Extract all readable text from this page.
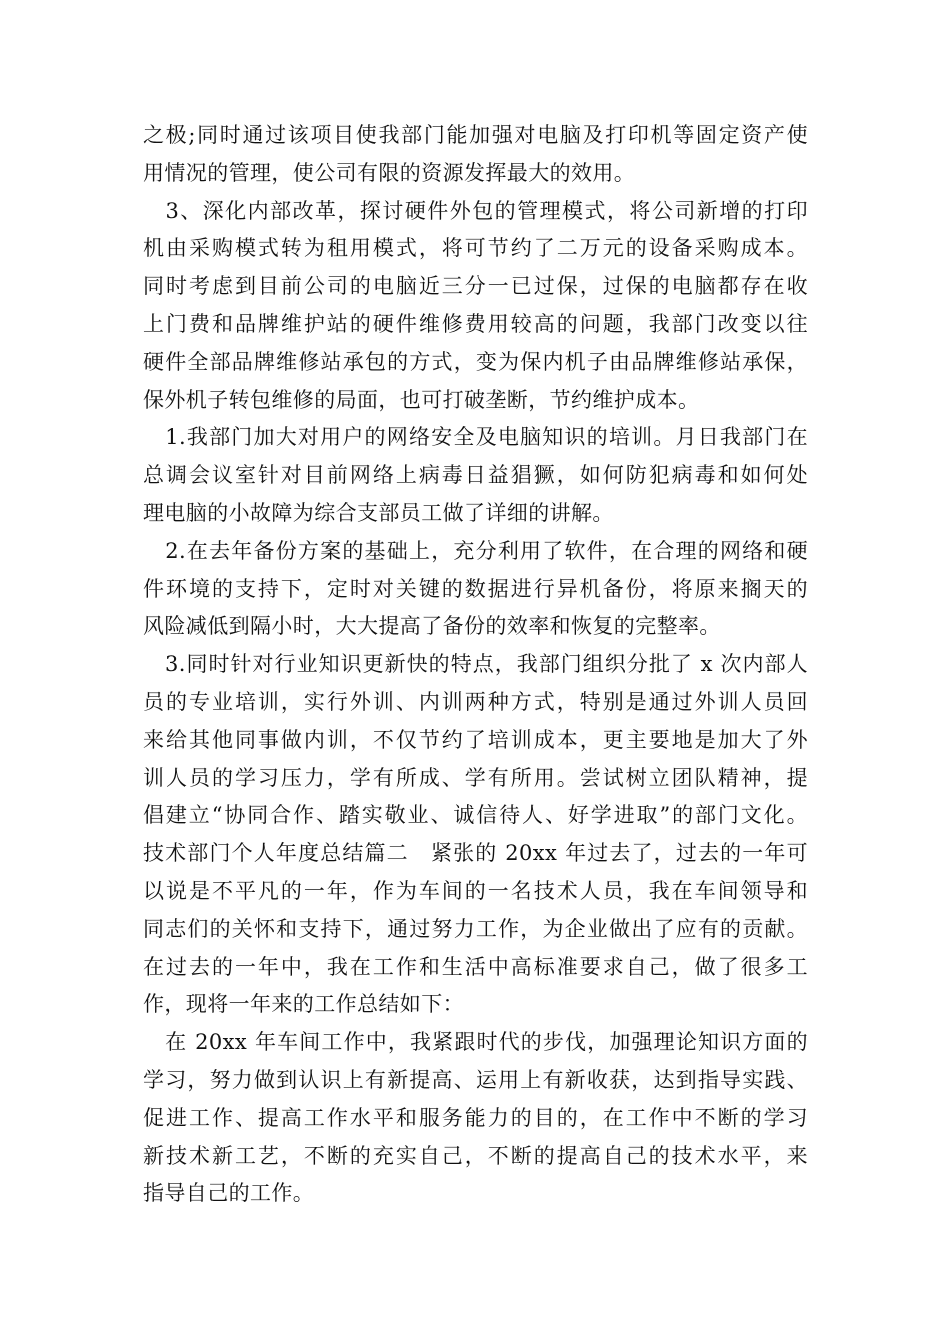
之极;同时通过该项目使我部门能加强对电脑及打印机等固定资产使
用情况的管理，使公司有限的资源发挥最大的效用。
　3、深化内部改革，探讨硬件外包的管理模式，将公司新增的打印
机由采购模式转为租用模式，将可节约了二万元的设备采购成本。
同时考虑到目前公司的电脑近三分一已过保，过保的电脑都存在收
上门费和品牌维护站的硬件维修费用较高的问题，我部门改变以往
硬件全部品牌维修站承包的方式，变为保内机子由品牌维修站承保，
保外机子转包维修的局面，也可打破垄断，节约维护成本。
　1.我部门加大对用户的网络安全及电脑知识的培训。月日我部门在
总调会议室针对目前网络上病毒日益猖獗，如何防犯病毒和如何处
理电脑的小故障为综合支部员工做了详细的讲解。
　2.在去年备份方案的基础上，充分利用了软件，在合理的网络和硬
件环境的支持下，定时对关键的数据进行异机备份，将原来搁天的
风险减低到隔小时，大大提高了备份的效率和恢复的完整率。
　3.同时针对行业知识更新快的特点，我部门组织分批了 x 次内部人
员的专业培训，实行外训、内训两种方式，特别是通过外训人员回
来给其他同事做内训，不仅节约了培训成本，更主要地是加大了外
训人员的学习压力，学有所成、学有所用。尝试树立团队精神，提
倡建立“协同合作、踏实敬业、诚信待人、好学进取”的部门文化。
技术部门个人年度总结篇二　紧张的 20xx 年过去了，过去的一年可
以说是不平凡的一年，作为车间的一名技术人员，我在车间领导和
同志们的关怀和支持下，通过努力工作，为企业做出了应有的贡献。
在过去的一年中，我在工作和生活中高标准要求自己，做了很多工
作，现将一年来的工作总结如下：
　在 20xx 年车间工作中，我紧跟时代的步伐，加强理论知识方面的
学习，努力做到认识上有新提高、运用上有新收获，达到指导实践、
促进工作、提高工作水平和服务能力的目的，在工作中不断的学习
新技术新工艺，不断的充实自己，不断的提高自己的技术水平，来
指导自己的工作。
